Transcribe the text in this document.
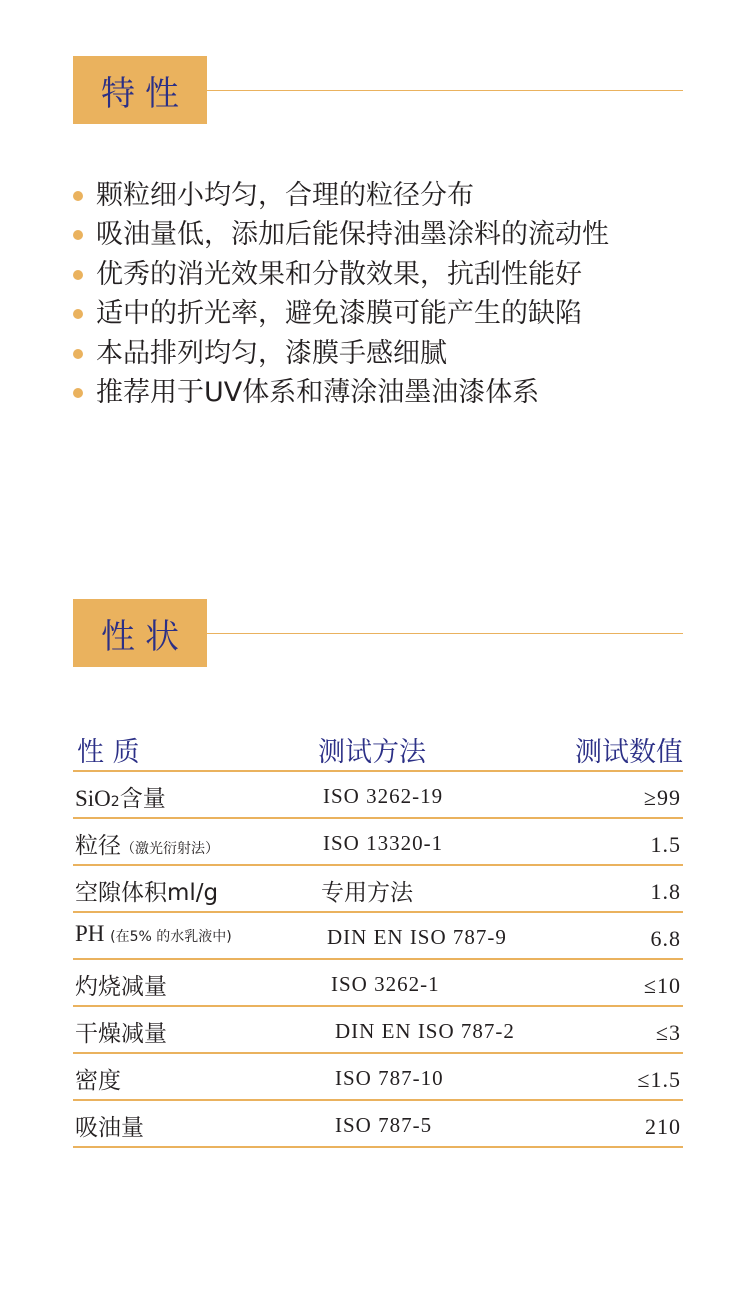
特性
颗粒细小均匀，合理的粒径分布
吸油量低，添加后能保持油墨涂料的流动性
优秀的消光效果和分散效果，抗刮性能好
适中的折光率，避免漆膜可能产生的缺陷
本品排列均匀，漆膜手感细腻
推荐用于UV体系和薄涂油墨油漆体系
性状
性 质	测试方法	测试数值
SiO2含量	ISO 3262-19	≥99
粒径（激光衍射法）	ISO 13320-1	1.5
空隙体积ml/g	专用方法	1.8
PH (在5% 的水乳液中)	DIN EN ISO 787-9	6.8
灼烧减量	ISO 3262-1	≤10
干燥减量	DIN EN ISO 787-2	≤3
密度	ISO 787-10	≤1.5
吸油量	ISO 787-5	210
